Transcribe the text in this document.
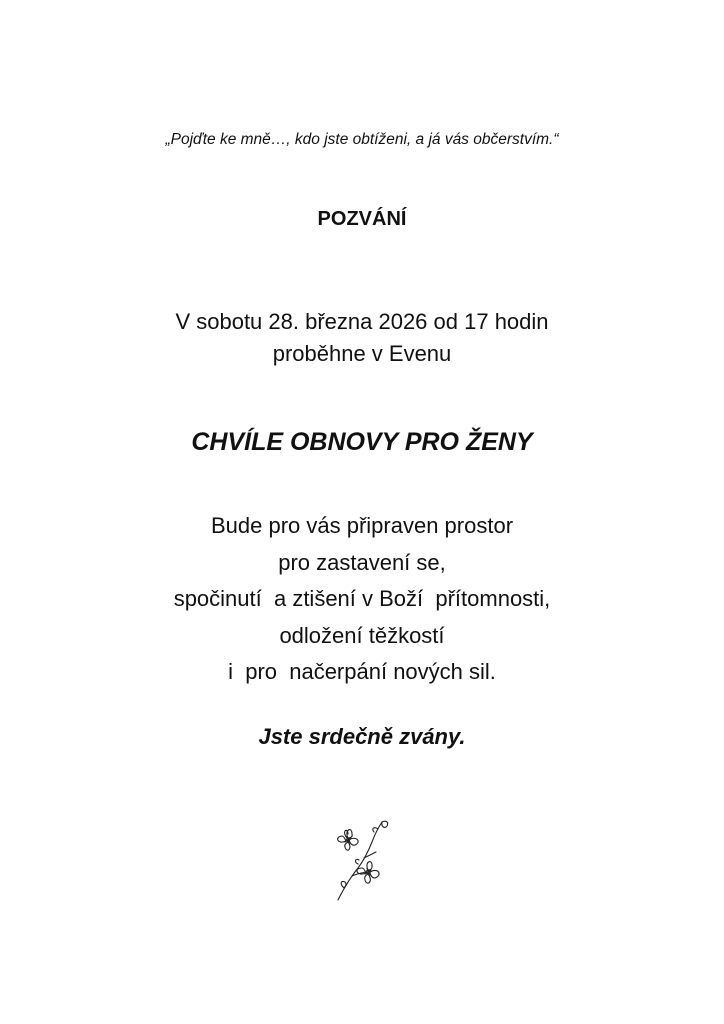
„Pojďte ke mně…, kdo jste obtíženi, a já vás občerstvím.“
POZVÁNÍ
V sobotu 28. března 2026 od 17 hodin
proběhne v Evenu
CHVÍLE OBNOVY PRO ŽENY
Bude pro vás připraven prostor
pro zastavení se,
spočinutí  a ztišení v Boží  přítomnosti,
odložení těžkostí
i  pro  načerpání nových sil.
Jste srdečně zvány.
